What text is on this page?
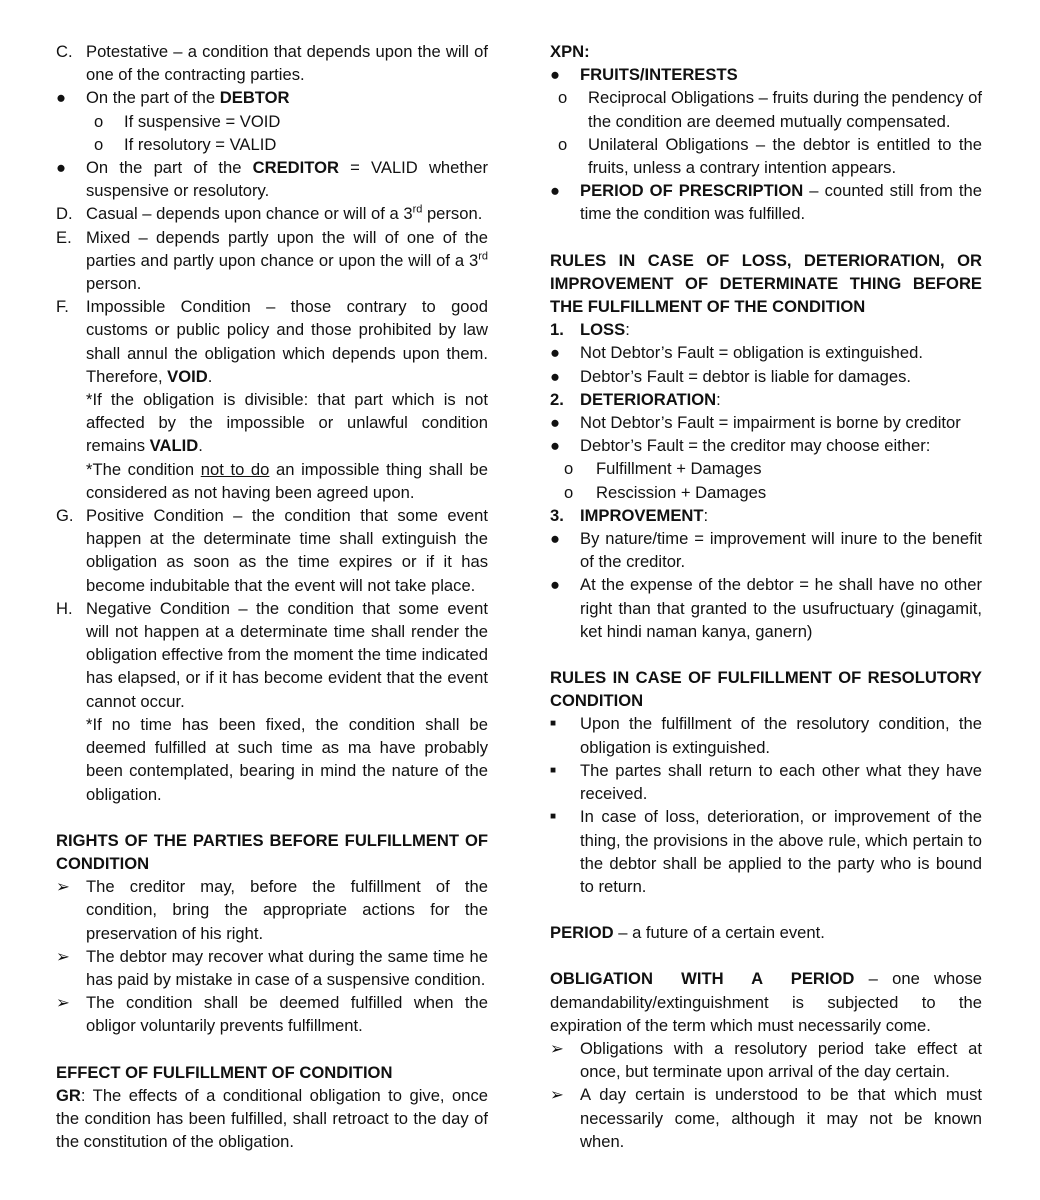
C. Potestative – a condition that depends upon the will of one of the contracting parties.
●	On the part of the DEBTOR
o	If suspensive = VOID
o	If resolutory = VALID
●	On the part of the CREDITOR = VALID whether suspensive or resolutory.
D. Casual – depends upon chance or will of a 3rd person.
E. Mixed – depends partly upon the will of one of the parties and partly upon chance or upon the will of a 3rd person.
F.	Impossible Condition – those contrary to good customs or public policy and those prohibited by law shall annul the obligation which depends upon them. Therefore, VOID.
*If the obligation is divisible: that part which is not affected by the impossible or unlawful condition remains VALID.
*The condition not to do an impossible thing shall be considered as not having been agreed upon.
G. Positive Condition – the condition that some event happen at the determinate time shall extinguish the obligation as soon as the time expires or if it has become indubitable that the event will not take place.
H. Negative Condition – the condition that some event will not happen at a determinate time shall render the obligation effective from the moment the time indicated has elapsed, or if it has become evident that the event cannot occur.
*If no time has been fixed, the condition shall be deemed fulfilled at such time as ma have probably been contemplated, bearing in mind the nature of the obligation.
RIGHTS OF THE PARTIES BEFORE FULFILLMENT OF CONDITION
➢ The creditor may, before the fulfillment of the condition, bring the appropriate actions for the preservation of his right.
➢ The debtor may recover what during the same time he has paid by mistake in case of a suspensive condition.
➢ The condition shall be deemed fulfilled when the obligor voluntarily prevents fulfillment.
EFFECT OF FULFILLMENT OF CONDITION
GR: The effects of a conditional obligation to give, once the condition has been fulfilled, shall retroact to the day of the constitution of the obligation.
XPN:
●	FRUITS/INTERESTS
o	Reciprocal Obligations – fruits during the pendency of the condition are deemed mutually compensated.
o	Unilateral Obligations – the debtor is entitled to the fruits, unless a contrary intention appears.
●	PERIOD OF PRESCRIPTION – counted still from the time the condition was fulfilled.
RULES IN CASE OF LOSS, DETERIORATION, OR IMPROVEMENT OF DETERMINATE THING BEFORE THE FULFILLMENT OF THE CONDITION
1. LOSS:
●	Not Debtor’s Fault = obligation is extinguished.
●	Debtor’s Fault = debtor is liable for damages.
2. DETERIORATION:
●	Not Debtor’s Fault = impairment is borne by creditor
●	Debtor’s Fault = the creditor may choose either:
o	Fulfillment + Damages
o	Rescission + Damages
3. IMPROVEMENT:
●	By nature/time = improvement will inure to the benefit of the creditor.
●	At the expense of the debtor = he shall have no other right than that granted to the usufructuary (ginagamit, ket hindi naman kanya, ganern)
RULES IN CASE OF FULFILLMENT OF RESOLUTORY CONDITION
■	Upon the fulfillment of the resolutory condition, the obligation is extinguished.
■	The partes shall return to each other what they have received.
■	In case of loss, deterioration, or improvement of the thing, the provisions in the above rule, which pertain to the debtor shall be applied to the party who is bound to return.
PERIOD – a future of a certain event.
OBLIGATION WITH A PERIOD – one whose demandability/extinguishment is subjected to the expiration of the term which must necessarily come.
➢ Obligations with a resolutory period take effect at once, but terminate upon arrival of the day certain.
➢ A day certain is understood to be that which must necessarily come, although it may not be known when.
